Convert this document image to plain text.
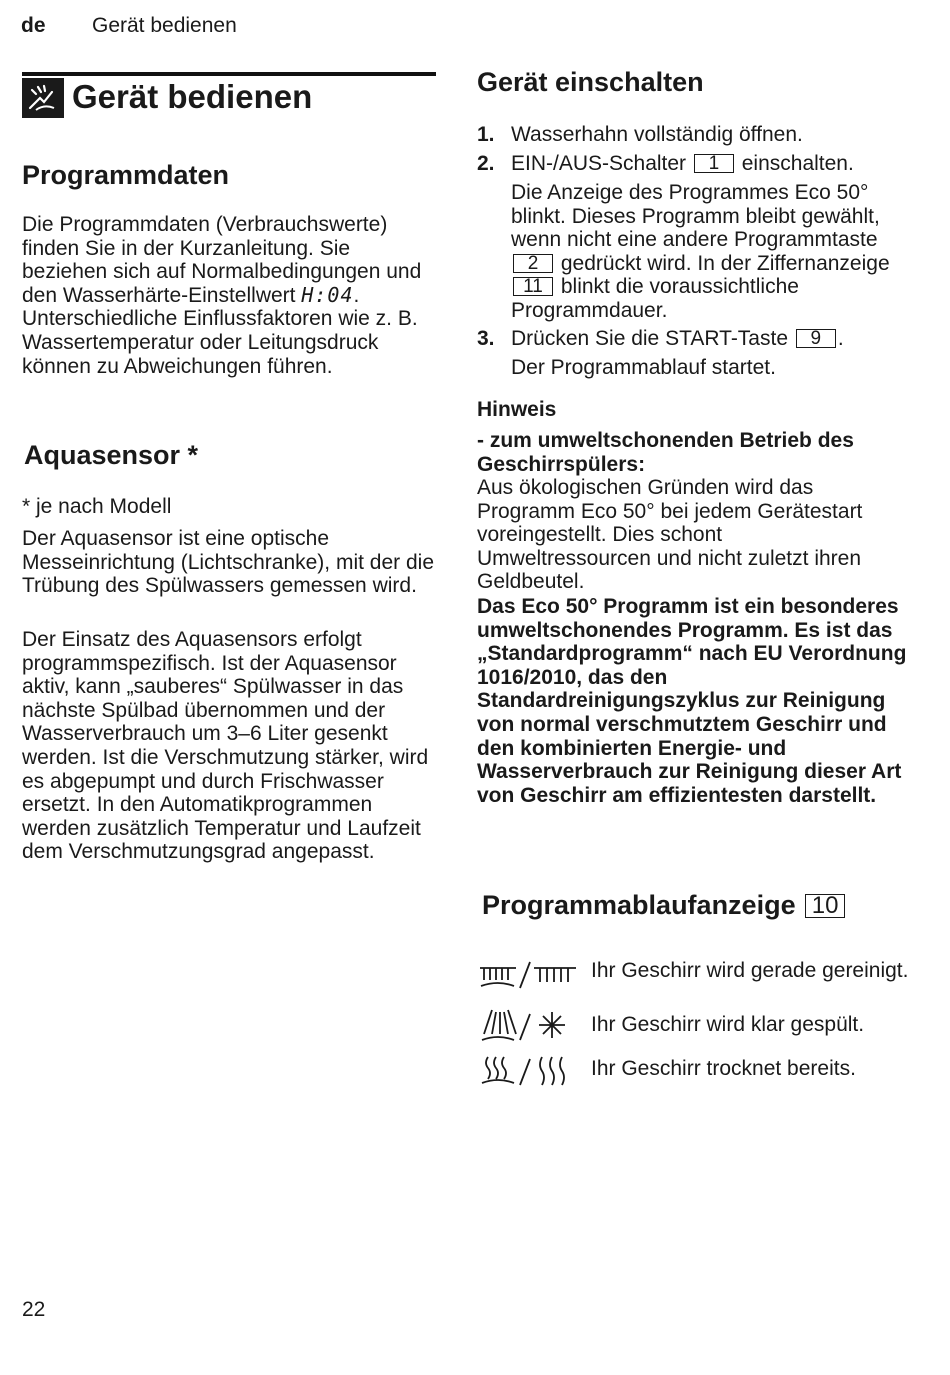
de Gerät bedienen
Gerät bedienen
Programmdaten

Die Programmdaten (Verbrauchswerte) finden Sie in der Kurzanleitung. Sie beziehen sich auf Normalbedingungen und den Wasserhärte-Einstellwert H:04. Unterschiedliche Einflussfaktoren wie z. B. Wassertemperatur oder Leitungsdruck können zu Abweichungen führen.

Aquasensor *

* je nach Modell

Der Aquasensor ist eine optische Messeinrichtung (Lichtschranke), mit der die Trübung des Spülwassers gemessen wird.

Der Einsatz des Aquasensors erfolgt programmspezifisch. Ist der Aquasensor aktiv, kann „sauberes“ Spülwasser in das nächste Spülbad übernommen und der Wasserverbrauch um 3–6 Liter gesenkt werden. Ist die Verschmutzung stärker, wird es abgepumpt und durch Frischwasser ersetzt. In den Automatikprogrammen werden zusätzlich Temperatur und Laufzeit dem Verschmutzungsgrad angepasst.

Gerät einschalten
1. Wasserhahn vollständig öffnen.
2. EIN-/AUS-Schalter 1 einschalten.
Die Anzeige des Programmes Eco 50° blinkt. Dieses Programm bleibt gewählt, wenn nicht eine andere Programmtaste 2 gedrückt wird. In der Ziffernanzeige 11 blinkt die voraussichtliche Programmdauer.
3. Drücken Sie die START-Taste 9 .
Der Programmablauf startet.

Hinweis

- zum umweltschonenden Betrieb des Geschirrspülers:

Aus ökologischen Gründen wird das Programm Eco 50° bei jedem Gerätestart voreingestellt. Dies schont Umweltressourcen und nicht zuletzt ihren Geldbeutel.

Das Eco 50° Programm ist ein besonderes umweltschonendes Programm. Es ist das „Standardprogramm“ nach EU Verordnung 1016/2010, das den Standardreinigungszyklus zur Reinigung von normal verschmutztem Geschirr und den kombinierten Energie- und Wasserverbrauch zur Reinigung dieser Art von Geschirr am effizientesten darstellt.

Programmablaufanzeige 10
Ihr Geschirr wird gerade gereinigt.
Ihr Geschirr wird klar gespült.
Ihr Geschirr trocknet bereits.
22
